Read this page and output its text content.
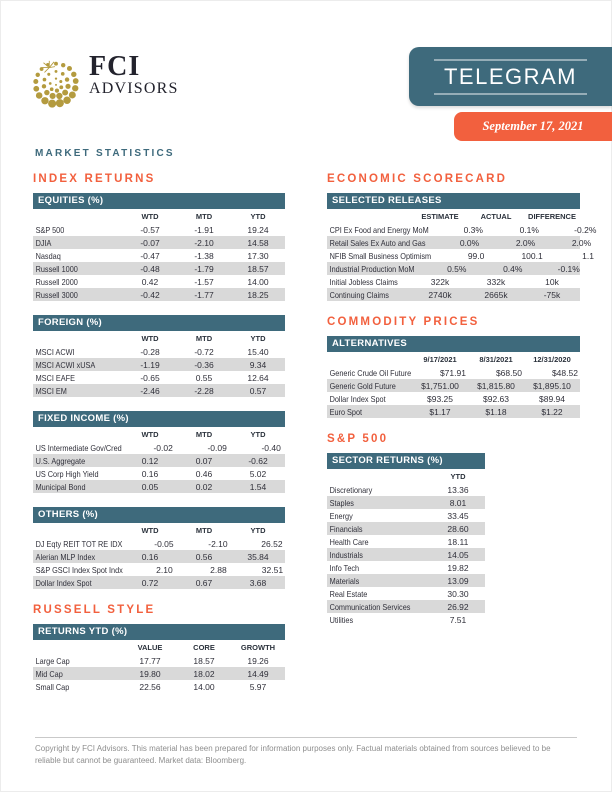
FCI
ADVISORS	TELEGRAM
September 17, 2021
MARKET STATISTICS
INDEX RETURNS
EQUITIES (%)
WTD	MTD	YTD
S&P 500	-0.57	-1.91	19.24
DJIA	-0.07	-2.10	14.58
Nasdaq	-0.47	-1.38	17.30
Russell 1000	-0.48	-1.79	18.57
Russell 2000	0.42	-1.57	14.00
Russell 3000	-0.42	-1.77	18.25
FOREIGN (%)
WTD	MTD	YTD
MSCI ACWI	-0.28	-0.72	15.40
MSCI ACWI xUSA	-1.19	-0.36	9.34
MSCI EAFE	-0.65	0.55	12.64
MSCI EM	-2.46	-2.28	0.57
FIXED INCOME (%)
WTD	MTD	YTD
US Intermediate Gov/Cred	-0.02	-0.09	-0.40
U.S. Aggregate	0.12	0.07	-0.62
US Corp High Yield	0.16	0.46	5.02
Municipal Bond	0.05	0.02	1.54
OTHERS (%)
WTD	MTD	YTD
DJ Eqty REIT TOT RE IDX	-0.05	-2.10	26.52
Alerian MLP Index	0.16	0.56	35.84
S&P GSCI Index Spot Indx	2.10	2.88	32.51
Dollar Index Spot	0.72	0.67	3.68
RUSSELL STYLE
RETURNS YTD (%)
VALUE	CORE	GROWTH
Large Cap	17.77	18.57	19.26
Mid Cap	19.80	18.02	14.49
Small Cap	22.56	14.00	5.97
ECONOMIC SCORECARD
SELECTED RELEASES
ESTIMATE	ACTUAL	DIFFERENCE
CPI Ex Food and Energy MoM	0.3%	0.1%	-0.2%
Retail Sales Ex Auto and Gas	0.0%	2.0%	2.0%
NFIB Small Business Optimism	99.0	100.1	1.1
Industrial Production MoM	0.5%	0.4%	-0.1%
Initial Jobless Claims	322k	332k	10k
Continuing Claims	2740k	2665k	-75k
COMMODITY PRICES
ALTERNATIVES
9/17/2021	8/31/2021	12/31/2020
Generic Crude Oil Future	$71.91	$68.50	$48.52
Generic Gold Future	$1,751.00	$1,815.80	$1,895.10
Dollar Index Spot	$93.25	$92.63	$89.94
Euro Spot	$1.17	$1.18	$1.22
S&P 500
SECTOR RETURNS (%)
YTD
Discretionary	13.36
Staples	8.01
Energy	33.45
Financials	28.60
Health Care	18.11
Industrials	14.05
Info Tech	19.82
Materials	13.09
Real Estate	30.30
Communication Services	26.92
Utilities	7.51

Copyright by FCI Advisors. This material has been prepared for information purposes only. Factual materials obtained from sources believed to be reliable but cannot be guaranteed. Market data: Bloomberg.
